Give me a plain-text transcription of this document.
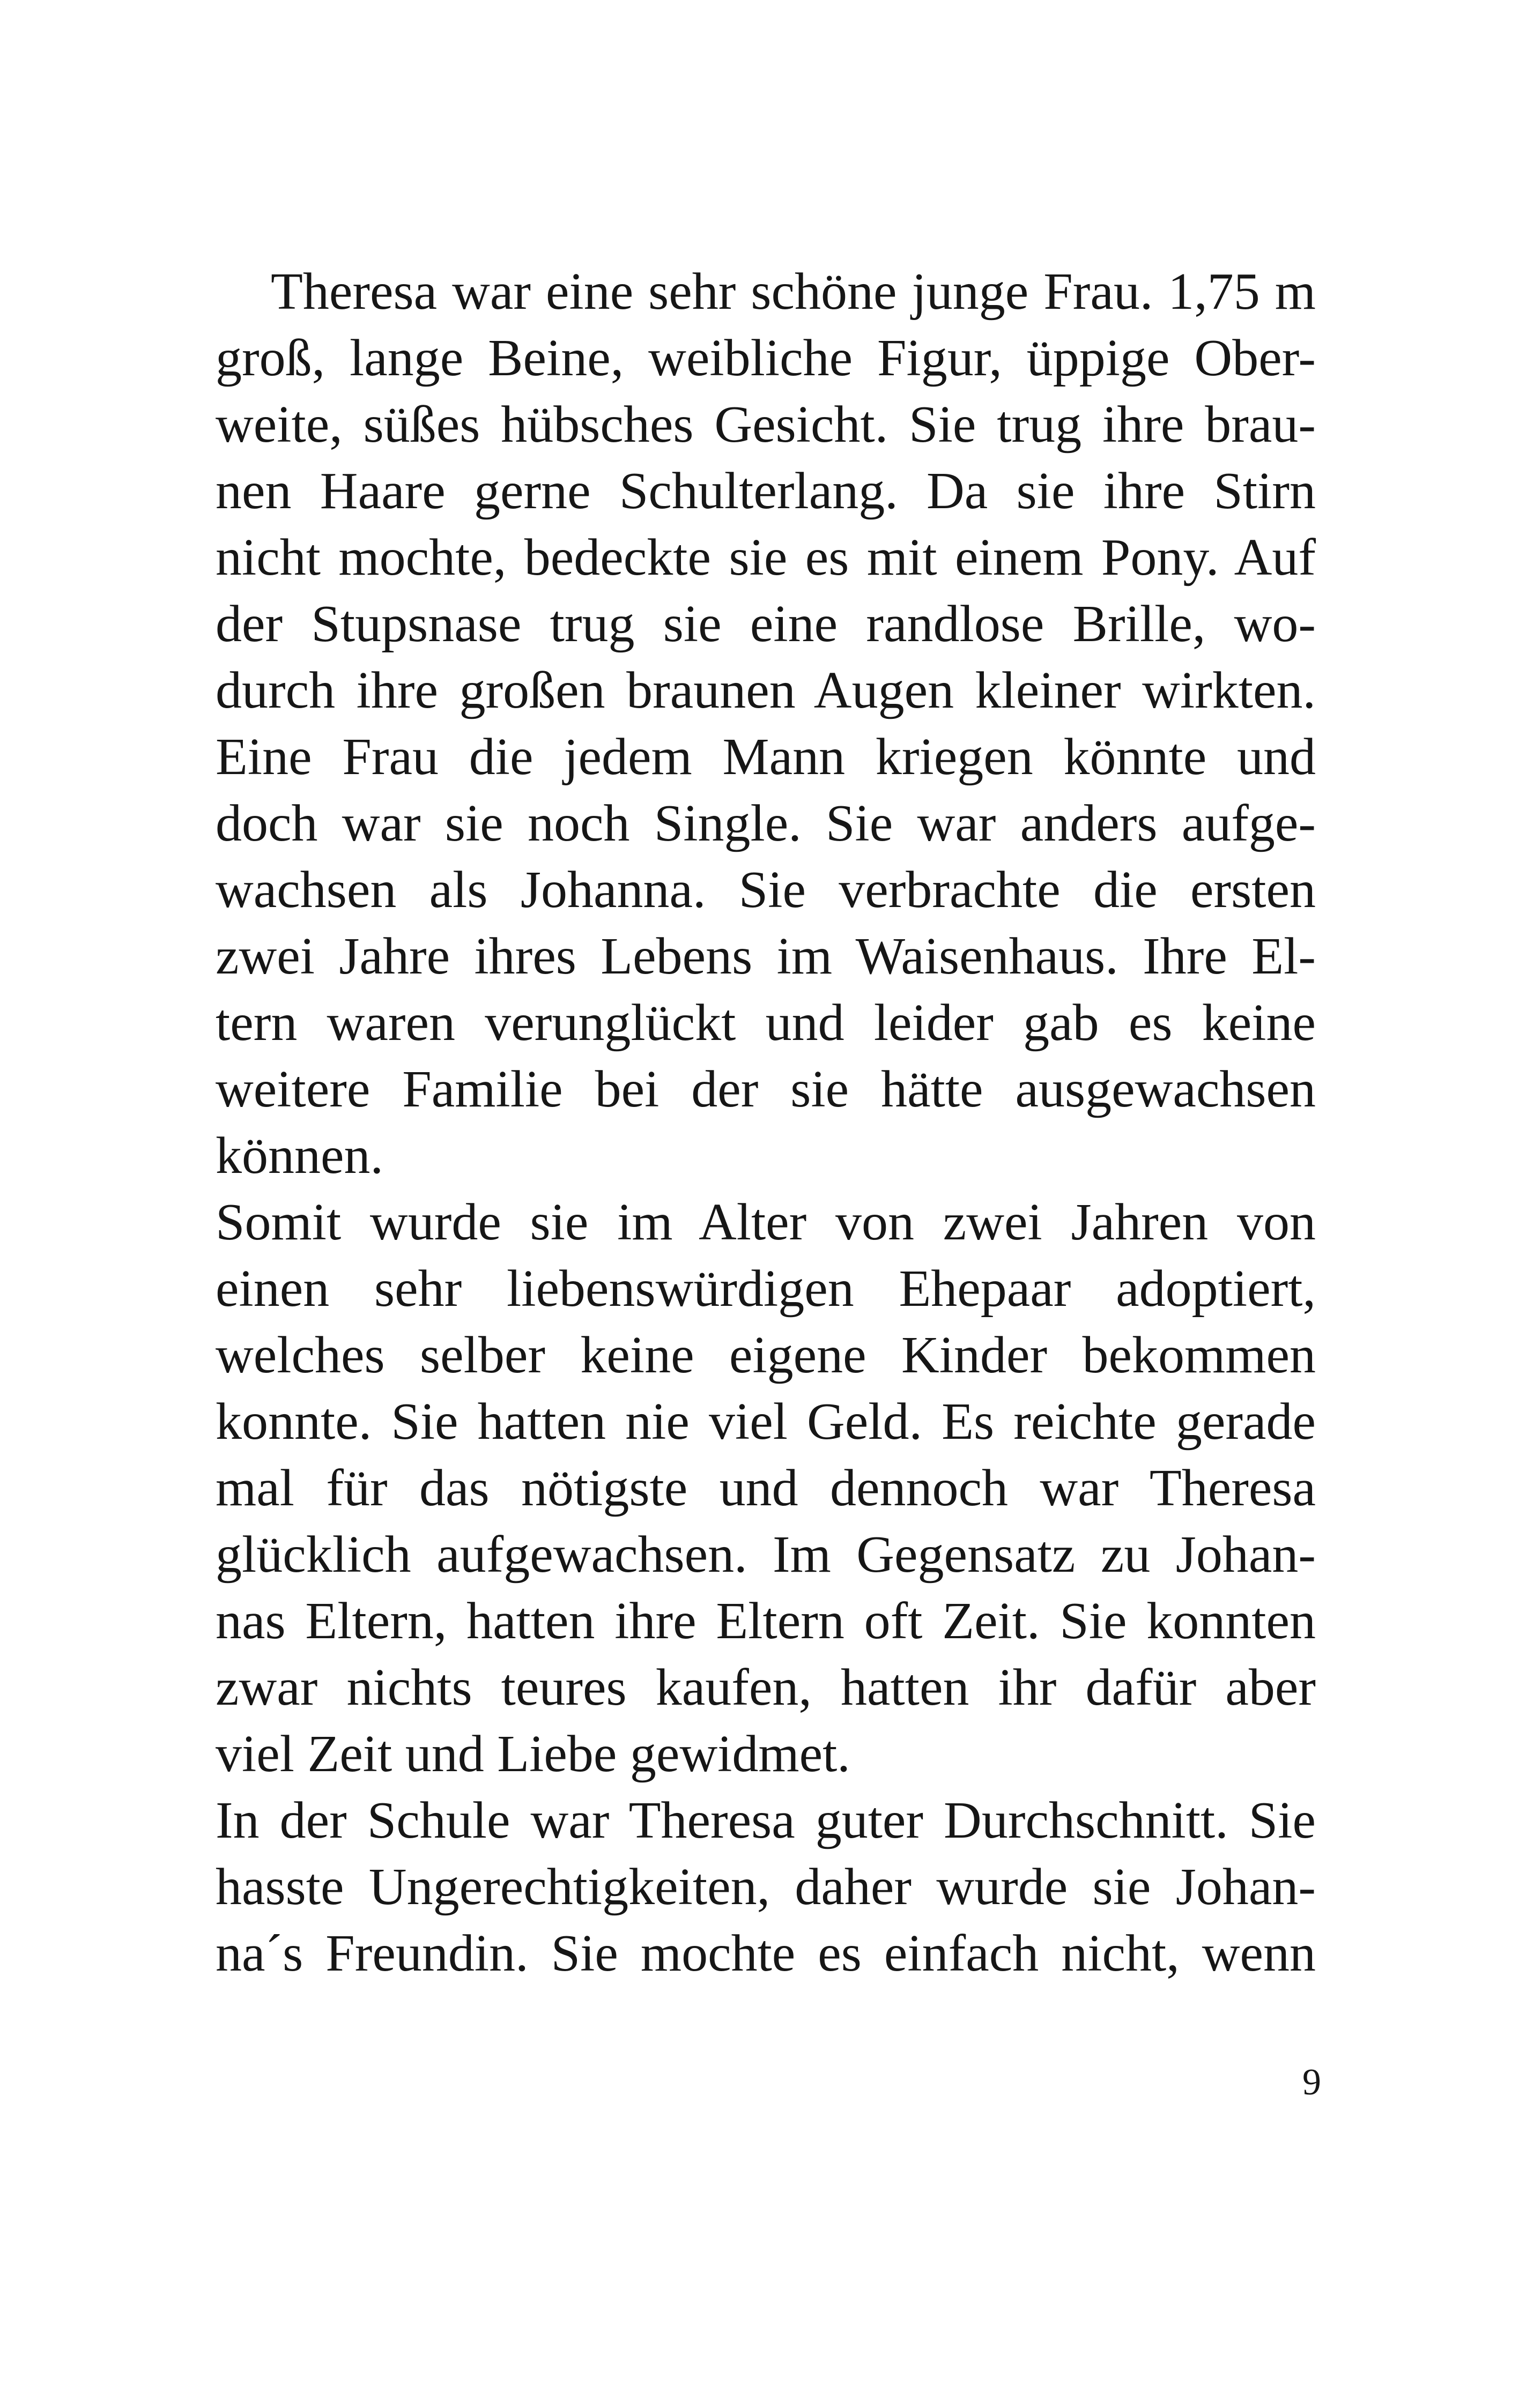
Theresa war eine sehr schöne junge Frau. 1,75 m
groß, lange Beine, weibliche Figur, üppige Ober-
weite, süßes hübsches Gesicht. Sie trug ihre brau-
nen Haare gerne Schulterlang. Da sie ihre Stirn
nicht mochte, bedeckte sie es mit einem Pony. Auf
der Stupsnase trug sie eine randlose Brille, wo-
durch ihre großen braunen Augen kleiner wirkten.
Eine Frau die jedem Mann kriegen könnte und
doch war sie noch Single. Sie war anders aufge-
wachsen als Johanna. Sie verbrachte die ersten
zwei Jahre ihres Lebens im Waisenhaus. Ihre El-
tern waren verunglückt und leider gab es keine
weitere Familie bei der sie hätte ausgewachsen
können.
Somit wurde sie im Alter von zwei Jahren von
einen sehr liebenswürdigen Ehepaar adoptiert,
welches selber keine eigene Kinder bekommen
konnte. Sie hatten nie viel Geld. Es reichte gerade
mal für das nötigste und dennoch war Theresa
glücklich aufgewachsen. Im Gegensatz zu Johan-
nas Eltern, hatten ihre Eltern oft Zeit. Sie konnten
zwar nichts teures kaufen, hatten ihr dafür aber
viel Zeit und Liebe gewidmet.
In der Schule war Theresa guter Durchschnitt. Sie
hasste Ungerechtigkeiten, daher wurde sie Johan-
na´s Freundin. Sie mochte es einfach nicht, wenn
9
